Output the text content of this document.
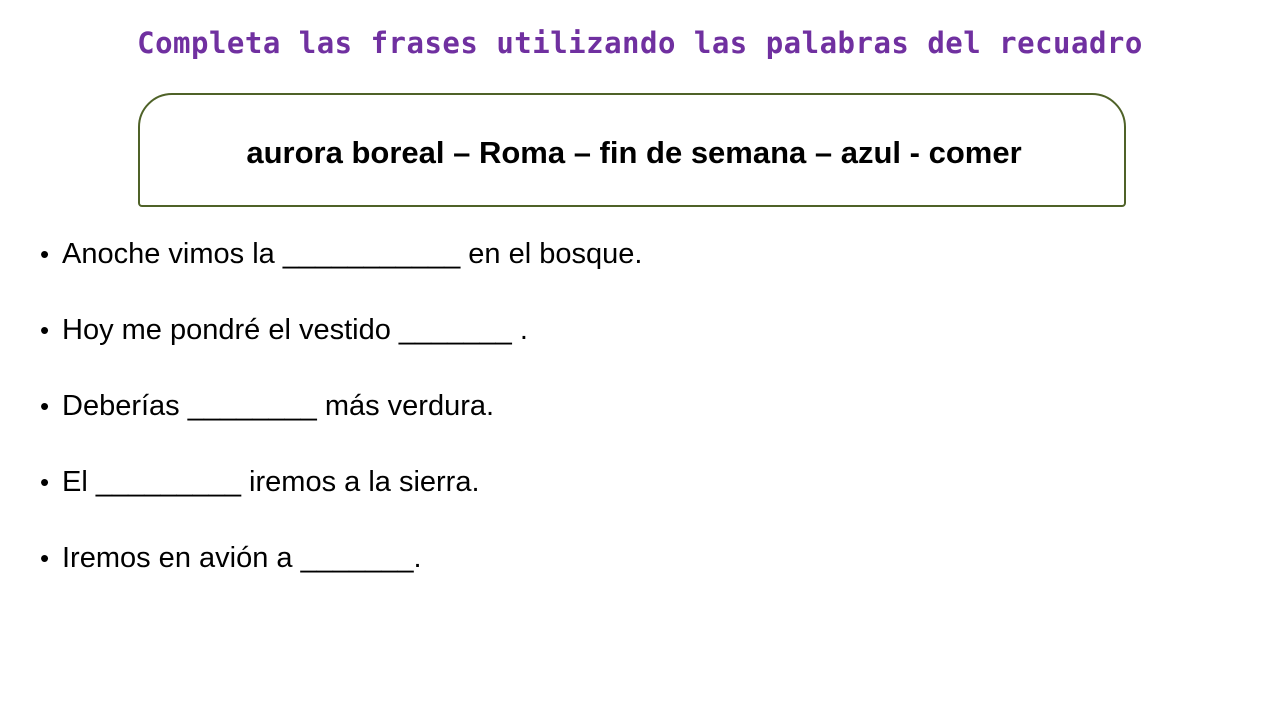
Completa las frases utilizando las palabras del recuadro
aurora boreal – Roma – fin de semana – azul - comer
• Anoche vimos la ___________ en el bosque.
• Hoy me pondré el vestido _______ .
• Deberías ________ más verdura.
• El _________ iremos a la sierra.
• Iremos en avión a _______.
